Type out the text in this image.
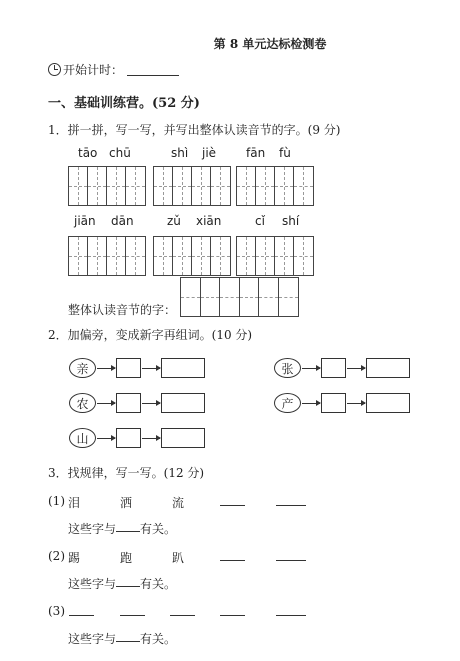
第 8 单元达标检测卷
开始计时：
一、基础训练营。(52 分)
1．拼一拼，写一写，并写出整体认读音节的字。(9 分)
tāo chū	shì jiè fān fù
jiān dān	zǔ xiān	cǐ shí
整体认读音节的字：
2．加偏旁，变成新字再组词。(10 分)
亲	张
农	产
山
3．找规律，写一写。(12 分)
(1) 泪	洒	流
这些字与 有关。
(2) 踢	跑	趴
这些字与 有关。
(3)
这些字与 有关。
